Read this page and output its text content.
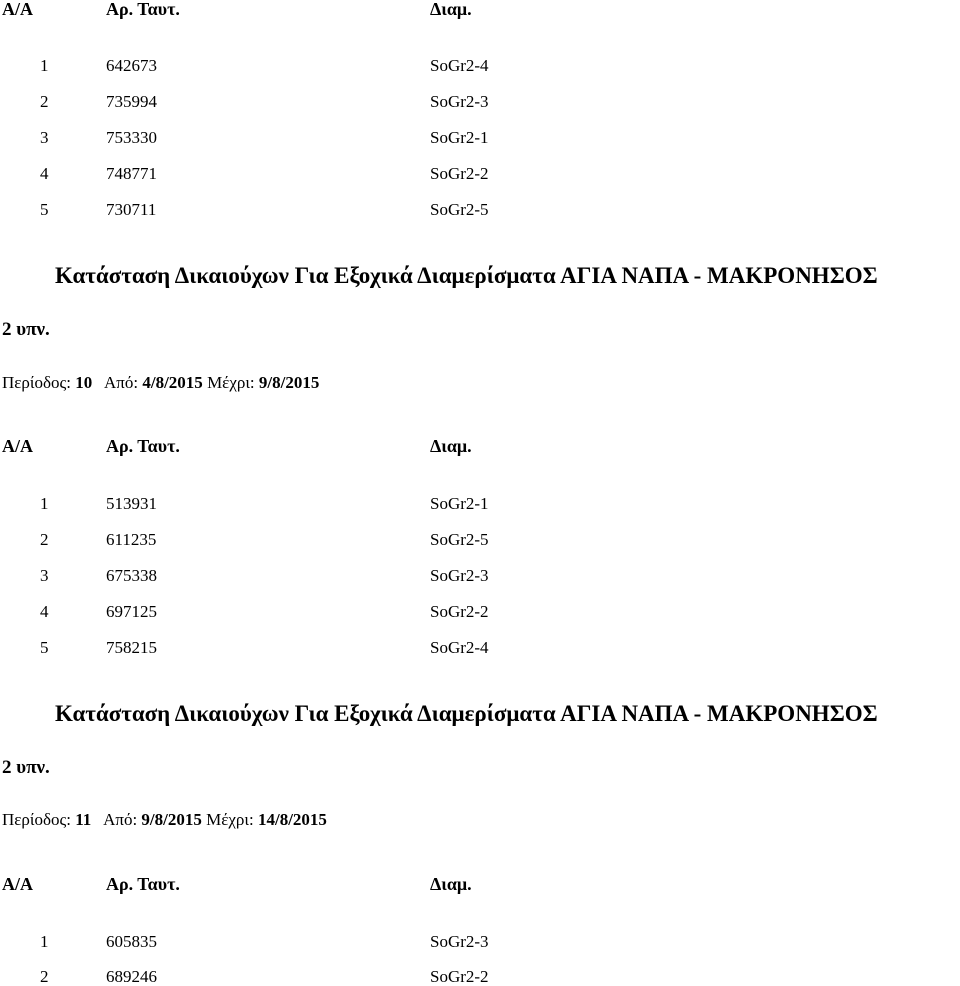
Α/Α	Αρ. Ταυτ.	Διαμ.
1	642673	SoGr2-4
2	735994	SoGr2-3
3	753330	SoGr2-1
4	748771	SoGr2-2
5	730711	SoGr2-5
Κατάσταση Δικαιούχων Για Εξοχικά Διαμερίσματα ΑΓΙΑ ΝΑΠΑ - ΜΑΚΡΟΝΗΣΟΣ
2 υπν.
Περίοδος: 10 Από: 4/8/2015 Μέχρι: 9/8/2015
Α/Α	Αρ. Ταυτ.	Διαμ.
1	513931	SoGr2-1
2	611235	SoGr2-5
3	675338	SoGr2-3
4	697125	SoGr2-2
5	758215	SoGr2-4
Κατάσταση Δικαιούχων Για Εξοχικά Διαμερίσματα ΑΓΙΑ ΝΑΠΑ - ΜΑΚΡΟΝΗΣΟΣ
2 υπν.
Περίοδος: 11 Από: 9/8/2015 Μέχρι: 14/8/2015
Α/Α	Αρ. Ταυτ.	Διαμ.
1	605835	SoGr2-3
2	689246	SoGr2-2
